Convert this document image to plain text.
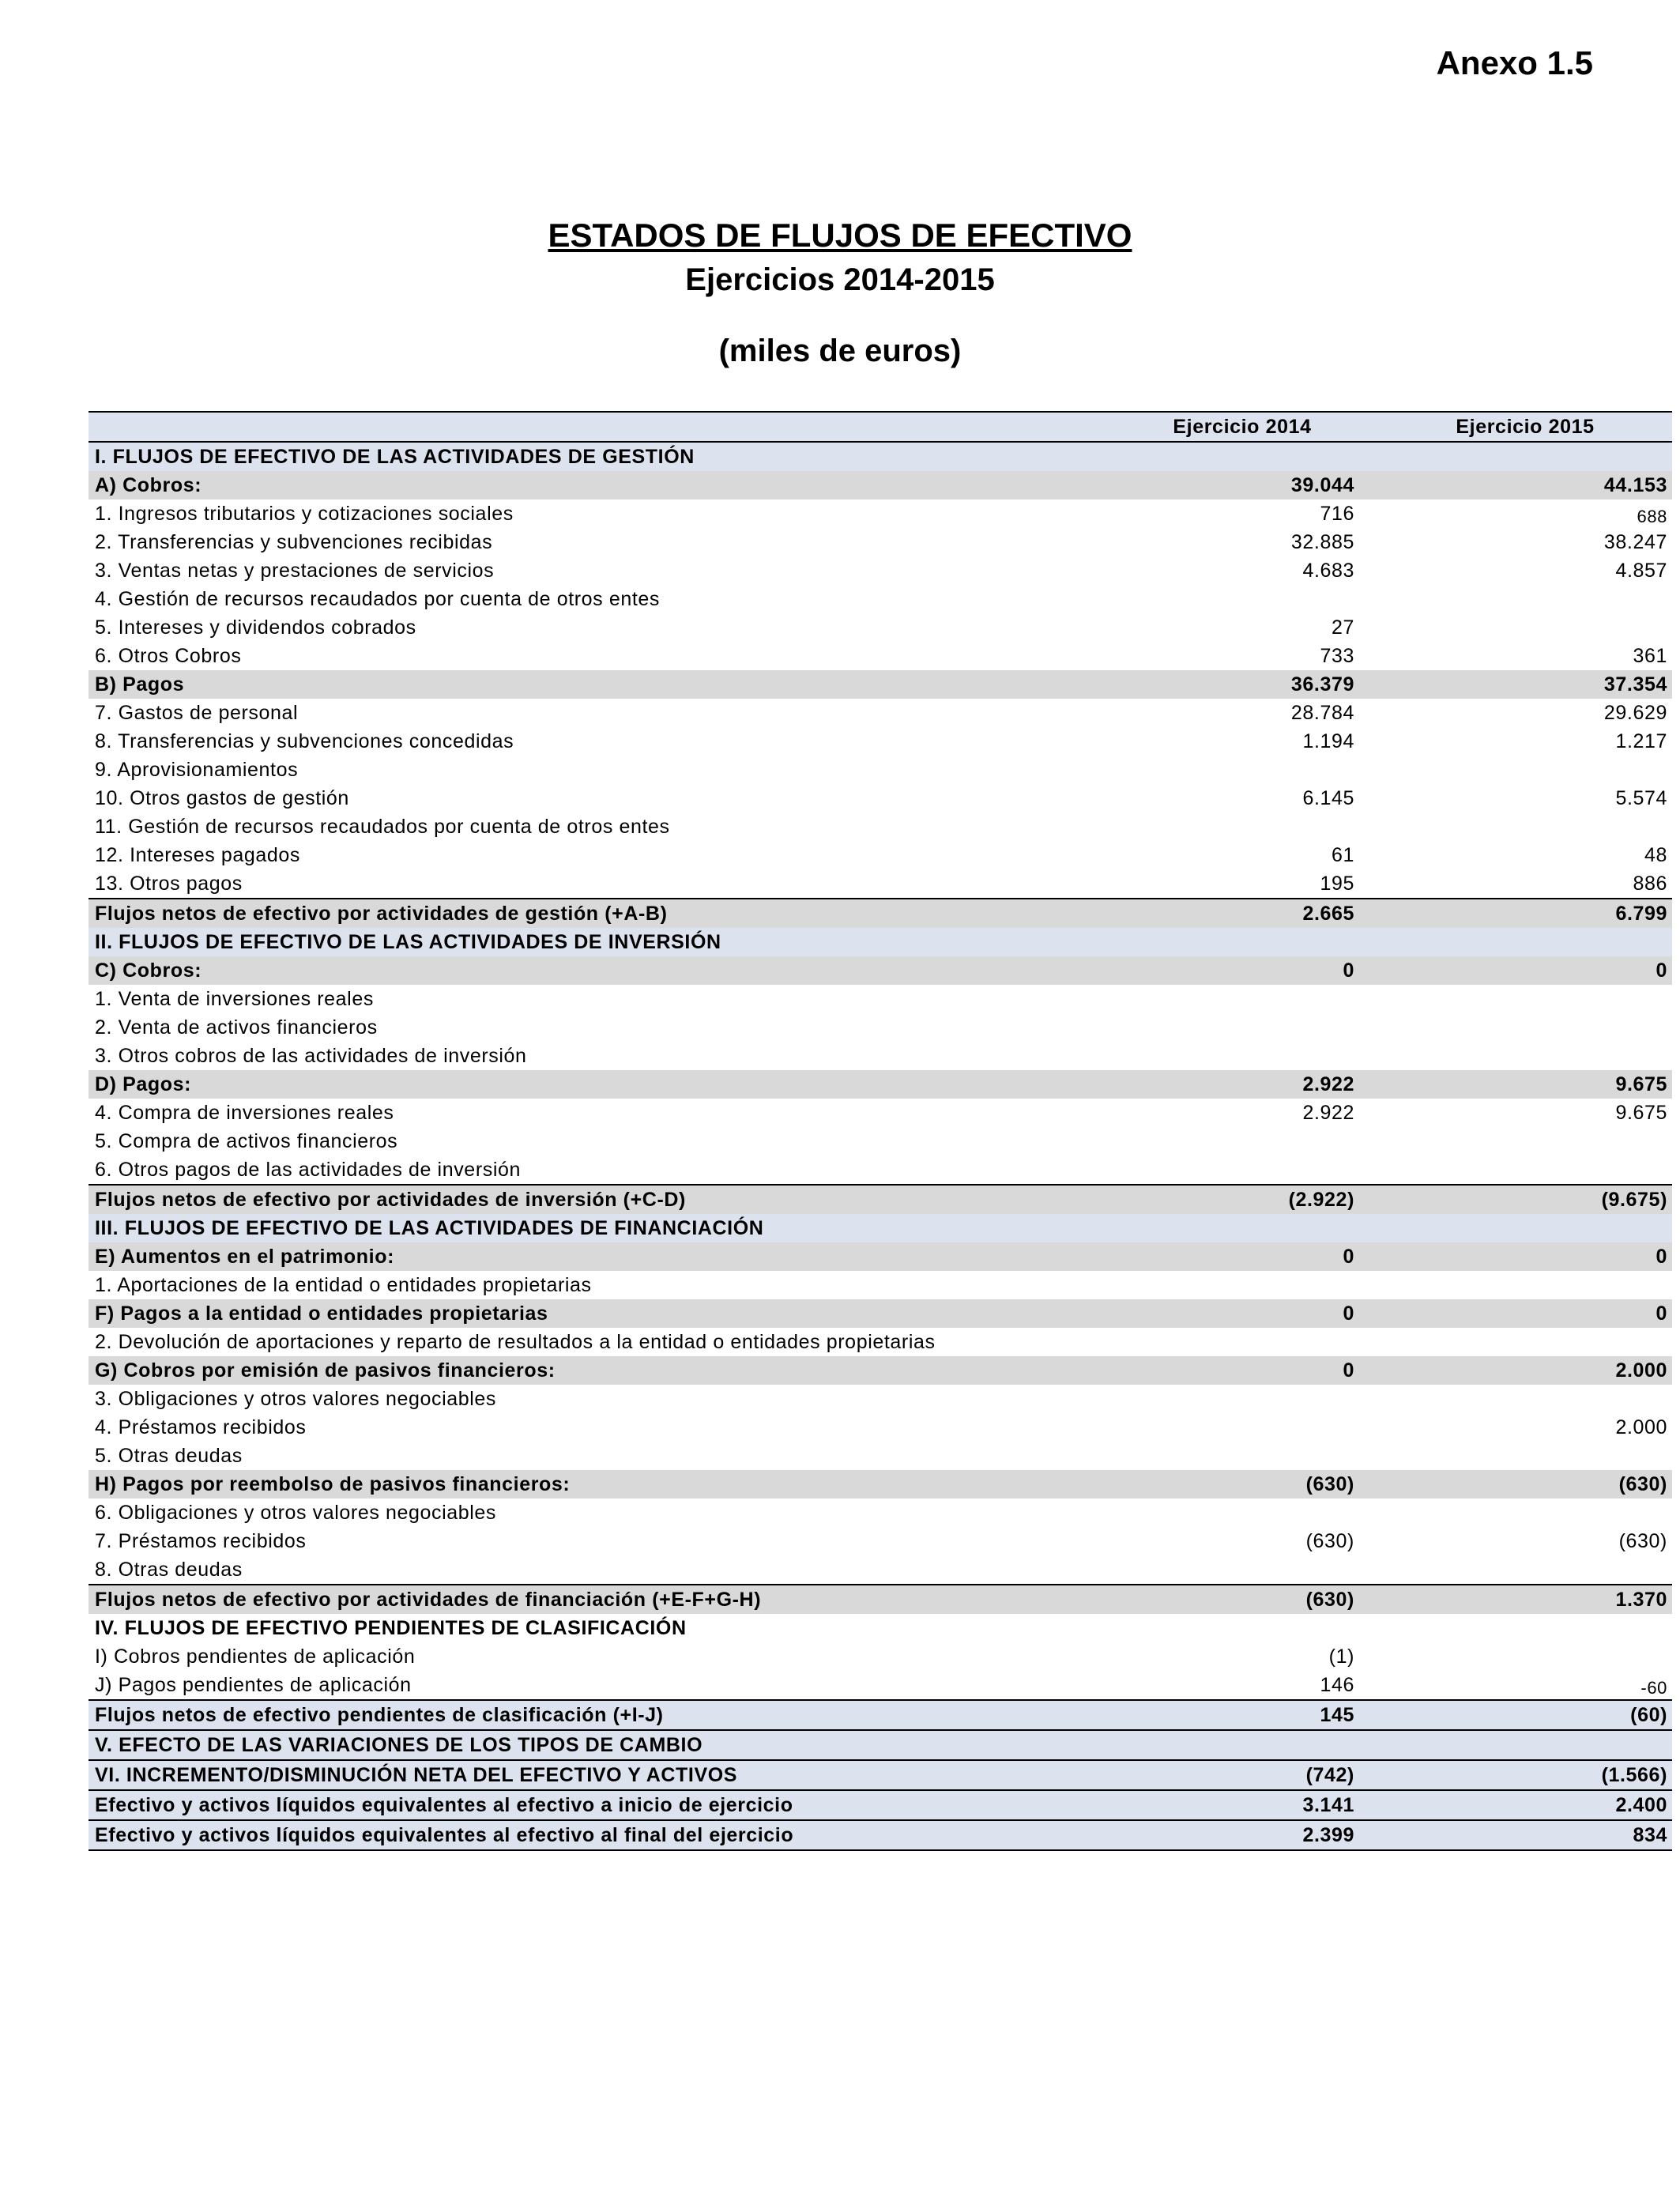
Anexo 1.5
ESTADOS DE FLUJOS DE EFECTIVO
Ejercicios 2014-2015
(miles de euros)
	Ejercicio 2014	Ejercicio 2015
I. FLUJOS DE EFECTIVO DE LAS ACTIVIDADES DE GESTIÓN		
A) Cobros:	39.044	44.153
1. Ingresos tributarios y cotizaciones sociales	716	688
2. Transferencias y subvenciones recibidas	32.885	38.247
3. Ventas netas y prestaciones de servicios	4.683	4.857
4. Gestión de recursos recaudados por cuenta de otros entes		
5. Intereses y dividendos cobrados	27	
6. Otros Cobros	733	361
B) Pagos	36.379	37.354
7. Gastos de personal	28.784	29.629
8. Transferencias y subvenciones concedidas	1.194	1.217
9. Aprovisionamientos		
10. Otros gastos de gestión	6.145	5.574
11. Gestión de recursos recaudados por cuenta de otros entes		
12. Intereses pagados	61	48
13. Otros pagos	195	886
Flujos netos de efectivo por actividades de gestión (+A-B)	2.665	6.799
II. FLUJOS DE EFECTIVO DE LAS ACTIVIDADES DE INVERSIÓN		
C) Cobros:	0	0
1. Venta de inversiones reales		
2. Venta de activos financieros		
3. Otros cobros de las actividades de inversión		
D) Pagos:	2.922	9.675
4. Compra de inversiones reales	2.922	9.675
5. Compra de activos financieros		
6. Otros pagos de las actividades de inversión		
Flujos netos de efectivo por actividades de inversión (+C-D)	(2.922)	(9.675)
III. FLUJOS DE EFECTIVO DE LAS ACTIVIDADES DE FINANCIACIÓN		
E) Aumentos en el patrimonio:	0	0
1. Aportaciones de la entidad o entidades propietarias		
F) Pagos a la entidad o entidades propietarias	0	0
2. Devolución de aportaciones y reparto de resultados a la entidad o entidades propietarias		
G) Cobros por emisión de pasivos financieros:	0	2.000
3. Obligaciones y otros valores negociables		
4. Préstamos recibidos		2.000
5. Otras deudas		
H) Pagos por reembolso de pasivos financieros:	(630)	(630)
6. Obligaciones y otros valores negociables		
7. Préstamos recibidos	(630)	(630)
8. Otras deudas		
Flujos netos de efectivo por actividades de financiación (+E-F+G-H)	(630)	1.370
IV. FLUJOS DE EFECTIVO PENDIENTES DE CLASIFICACIÓN		
I) Cobros pendientes de aplicación	(1)	
J) Pagos pendientes de aplicación	146	-60
Flujos netos de efectivo pendientes de clasificación (+I-J)	145	(60)
V. EFECTO DE LAS VARIACIONES DE LOS TIPOS DE CAMBIO		
VI. INCREMENTO/DISMINUCIÓN NETA DEL EFECTIVO Y ACTIVOS	(742)	(1.566)
Efectivo y activos líquidos equivalentes al efectivo a inicio de ejercicio	3.141	2.400
Efectivo y activos líquidos equivalentes al efectivo al final del ejercicio	2.399	834
